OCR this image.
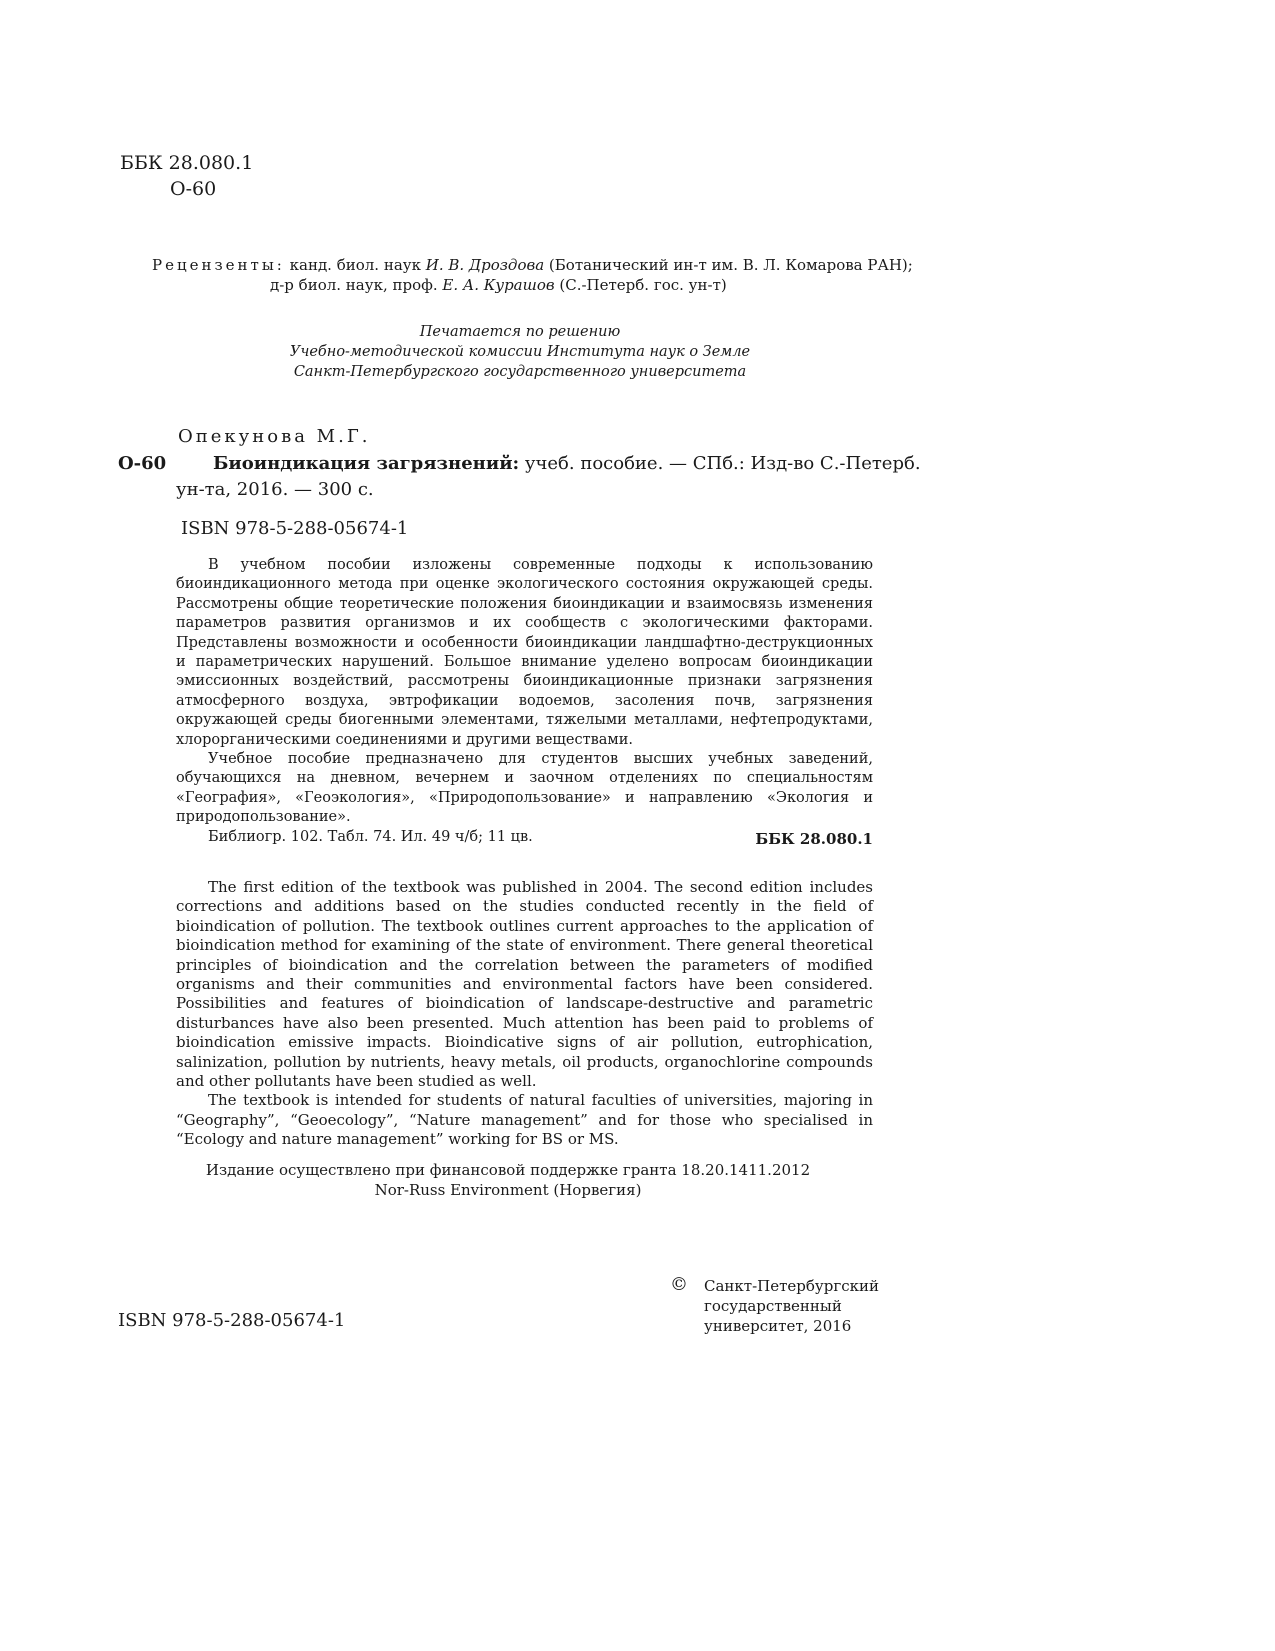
ББК 28.080.1
О-60
Рецензенты: канд. биол. наук И. В. Дроздова (Ботанический ин-т им. В. Л. Комарова РАН);
д-р биол. наук, проф. Е. А. Курашов (С.-Петерб. гос. ун-т)
Печатается по решению
Учебно-методической комиссии Института наук о Земле
Санкт-Петербургского государственного университета
Опекунова М.Г.
О-60	Биоиндикация загрязнений: учеб. пособие. — СПб.: Изд-во С.-Петерб.
ун-та, 2016. — 300 с.
ISBN 978-5-288-05674-1
В учебном пособии изложены современные подходы к использованию биоиндикационного метода при оценке экологического состояния окружающей среды. Рассмотрены общие теоретические положения биоиндикации и взаимосвязь изменения параметров развития организмов и их сообществ с экологическими факторами. Представлены возможности и особенности биоиндикации ландшафтно-деструкционных и параметрических нарушений. Большое внимание уделено вопросам биоиндикации эмиссионных воздействий, рассмотрены биоиндикационные признаки загрязнения атмосферного воздуха, эвтрофикации водоемов, засоления почв, загрязнения окружающей среды биогенными элементами, тяжелыми металлами, нефтепродуктами, хлорорганическими соединениями и другими веществами.
Учебное пособие предназначено для студентов высших учебных заведений, обучающихся на дневном, вечернем и заочном отделениях по специальностям «География», «Геоэкология», «Природопользование» и направлению «Экология и природопользование».
Библиогр. 102. Табл. 74. Ил. 49 ч/б; 11 цв.	ББК 28.080.1
The first edition of the textbook was published in 2004. The second edition includes corrections and additions based on the studies conducted recently in the field of bioindication of pollution. The textbook outlines current approaches to the application of bioindication method for examining of the state of environment. There general theoretical principles of bioindication and the correlation between the parameters of modified organisms and their communities and environmental factors have been considered. Possibilities and features of bioindication of landscape-destructive and parametric disturbances have also been presented. Much attention has been paid to problems of bioindication emissive impacts. Bioindicative signs of air pollution, eutrophication, salinization, pollution by nutrients, heavy metals, oil products, organochlorine compounds and other pollutants have been studied as well.
The textbook is intended for students of natural faculties of universities, majoring in “Geography”, “Geoecology”, “Nature management” and for those who specialised in “Ecology and nature management” working for BS or MS.
Издание осуществлено при финансовой поддержке гранта 18.20.1411.2012
Nor-Russ Environment (Норвегия)
ISBN 978-5-288-05674-1
© Санкт-Петербургский
государственный
университет, 2016
